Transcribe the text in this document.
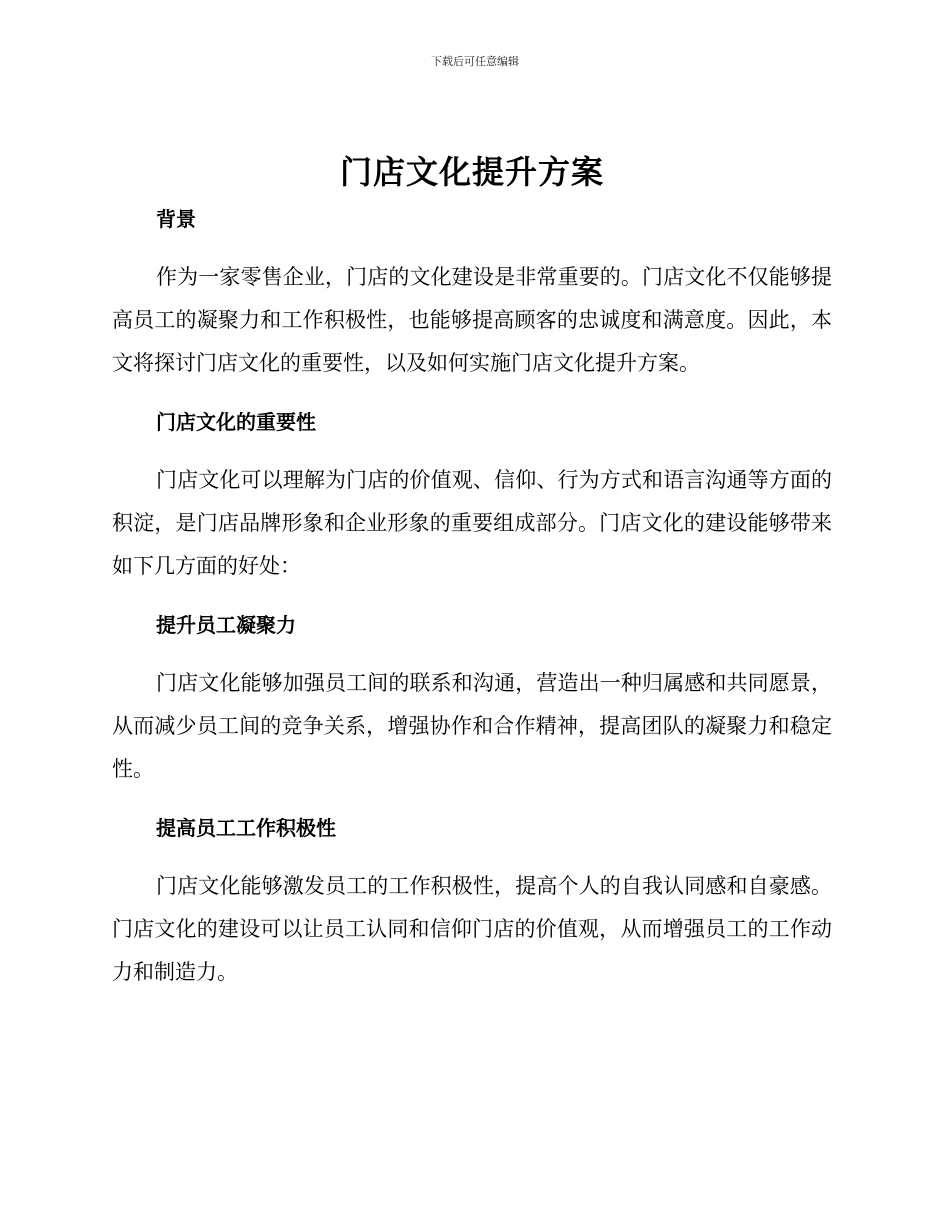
下载后可任意编辑
门店文化提升方案
背景

作为一家零售企业，门店的文化建设是非常重要的。门店文化不仅能够提高员工的凝聚力和工作积极性，也能够提高顾客的忠诚度和满意度。因此，本文将探讨门店文化的重要性，以及如何实施门店文化提升方案。

门店文化的重要性

门店文化可以理解为门店的价值观、信仰、行为方式和语言沟通等方面的积淀，是门店品牌形象和企业形象的重要组成部分。门店文化的建设能够带来如下几方面的好处：

提升员工凝聚力

门店文化能够加强员工间的联系和沟通，营造出一种归属感和共同愿景，从而减少员工间的竞争关系，增强协作和合作精神，提高团队的凝聚力和稳定性。

提高员工工作积极性

门店文化能够激发员工的工作积极性，提高个人的自我认同感和自豪感。门店文化的建设可以让员工认同和信仰门店的价值观，从而增强员工的工作动力和制造力。
